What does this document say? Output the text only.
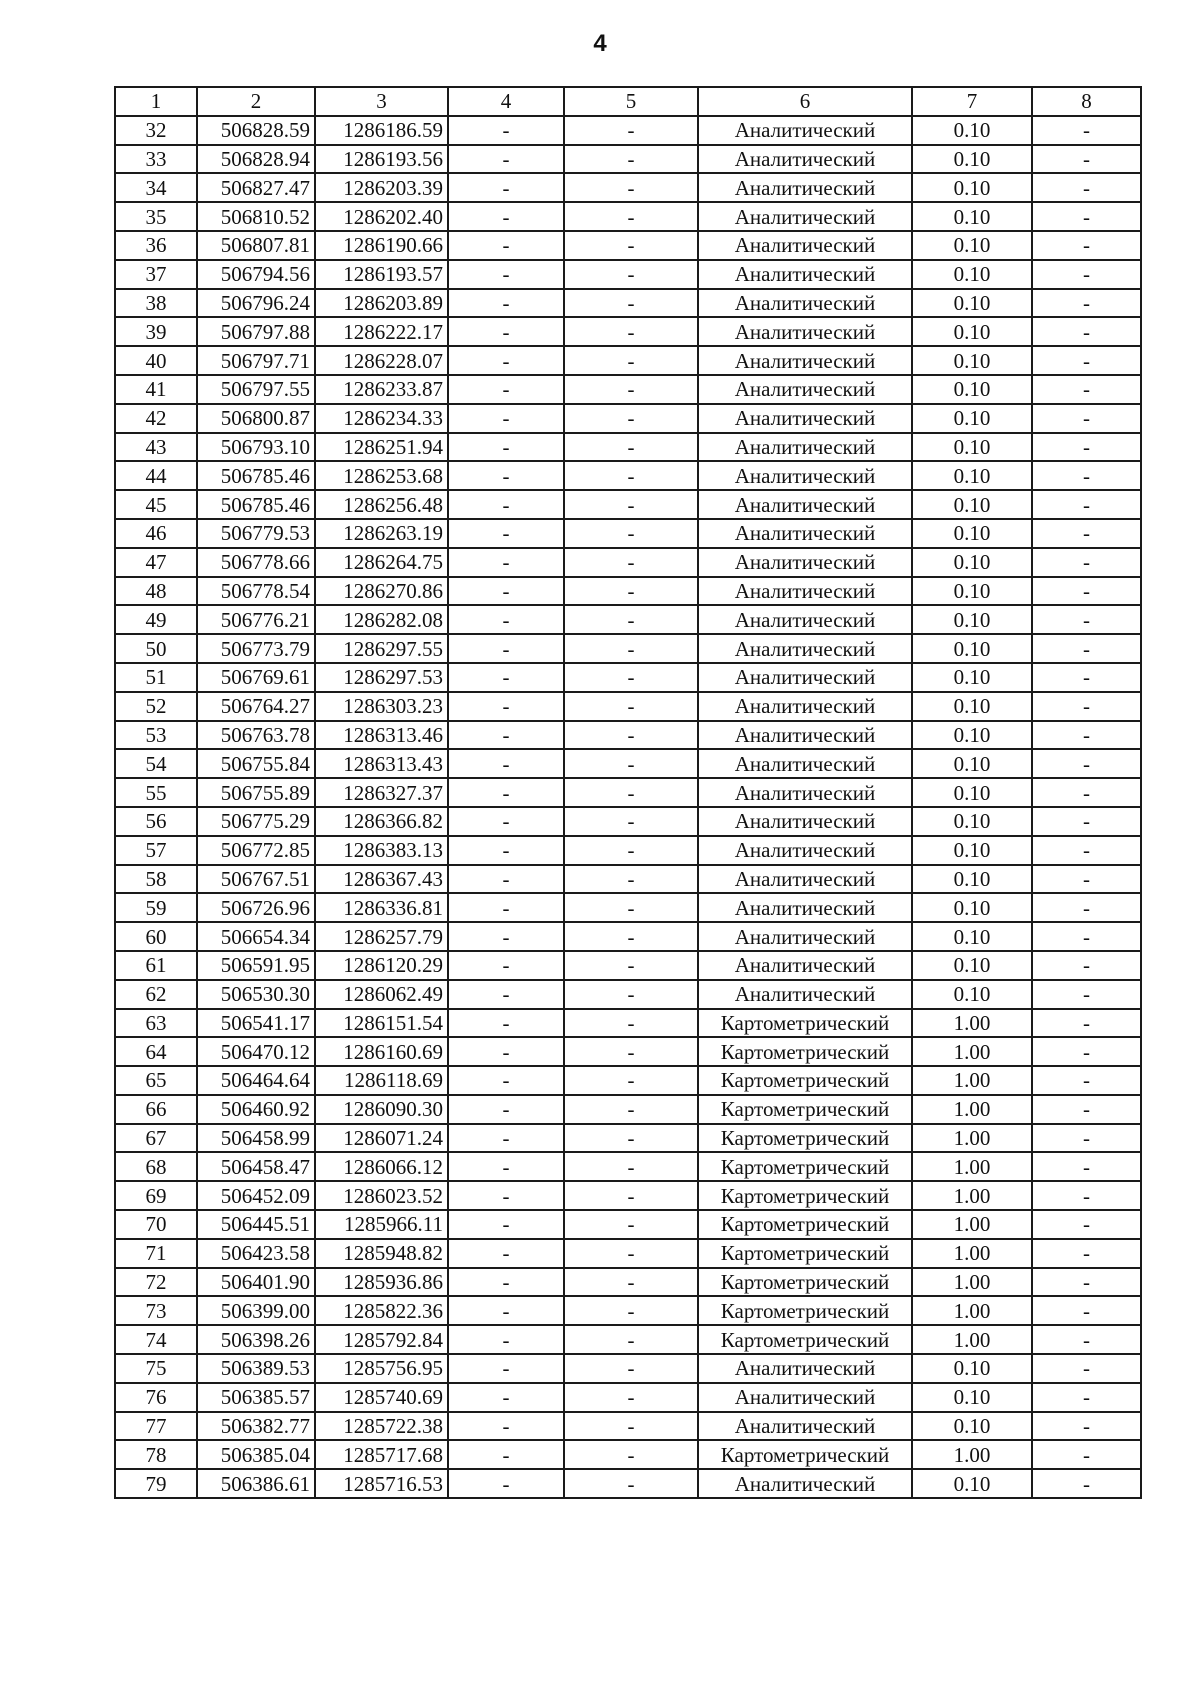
4
1	2	3	4	5	6	7	8
32	506828.59	1286186.59	-	-	Аналитический	0.10	-
33	506828.94	1286193.56	-	-	Аналитический	0.10	-
34	506827.47	1286203.39	-	-	Аналитический	0.10	-
35	506810.52	1286202.40	-	-	Аналитический	0.10	-
36	506807.81	1286190.66	-	-	Аналитический	0.10	-
37	506794.56	1286193.57	-	-	Аналитический	0.10	-
38	506796.24	1286203.89	-	-	Аналитический	0.10	-
39	506797.88	1286222.17	-	-	Аналитический	0.10	-
40	506797.71	1286228.07	-	-	Аналитический	0.10	-
41	506797.55	1286233.87	-	-	Аналитический	0.10	-
42	506800.87	1286234.33	-	-	Аналитический	0.10	-
43	506793.10	1286251.94	-	-	Аналитический	0.10	-
44	506785.46	1286253.68	-	-	Аналитический	0.10	-
45	506785.46	1286256.48	-	-	Аналитический	0.10	-
46	506779.53	1286263.19	-	-	Аналитический	0.10	-
47	506778.66	1286264.75	-	-	Аналитический	0.10	-
48	506778.54	1286270.86	-	-	Аналитический	0.10	-
49	506776.21	1286282.08	-	-	Аналитический	0.10	-
50	506773.79	1286297.55	-	-	Аналитический	0.10	-
51	506769.61	1286297.53	-	-	Аналитический	0.10	-
52	506764.27	1286303.23	-	-	Аналитический	0.10	-
53	506763.78	1286313.46	-	-	Аналитический	0.10	-
54	506755.84	1286313.43	-	-	Аналитический	0.10	-
55	506755.89	1286327.37	-	-	Аналитический	0.10	-
56	506775.29	1286366.82	-	-	Аналитический	0.10	-
57	506772.85	1286383.13	-	-	Аналитический	0.10	-
58	506767.51	1286367.43	-	-	Аналитический	0.10	-
59	506726.96	1286336.81	-	-	Аналитический	0.10	-
60	506654.34	1286257.79	-	-	Аналитический	0.10	-
61	506591.95	1286120.29	-	-	Аналитический	0.10	-
62	506530.30	1286062.49	-	-	Аналитический	0.10	-
63	506541.17	1286151.54	-	-	Картометрический	1.00	-
64	506470.12	1286160.69	-	-	Картометрический	1.00	-
65	506464.64	1286118.69	-	-	Картометрический	1.00	-
66	506460.92	1286090.30	-	-	Картометрический	1.00	-
67	506458.99	1286071.24	-	-	Картометрический	1.00	-
68	506458.47	1286066.12	-	-	Картометрический	1.00	-
69	506452.09	1286023.52	-	-	Картометрический	1.00	-
70	506445.51	1285966.11	-	-	Картометрический	1.00	-
71	506423.58	1285948.82	-	-	Картометрический	1.00	-
72	506401.90	1285936.86	-	-	Картометрический	1.00	-
73	506399.00	1285822.36	-	-	Картометрический	1.00	-
74	506398.26	1285792.84	-	-	Картометрический	1.00	-
75	506389.53	1285756.95	-	-	Аналитический	0.10	-
76	506385.57	1285740.69	-	-	Аналитический	0.10	-
77	506382.77	1285722.38	-	-	Аналитический	0.10	-
78	506385.04	1285717.68	-	-	Картометрический	1.00	-
79	506386.61	1285716.53	-	-	Аналитический	0.10	-
